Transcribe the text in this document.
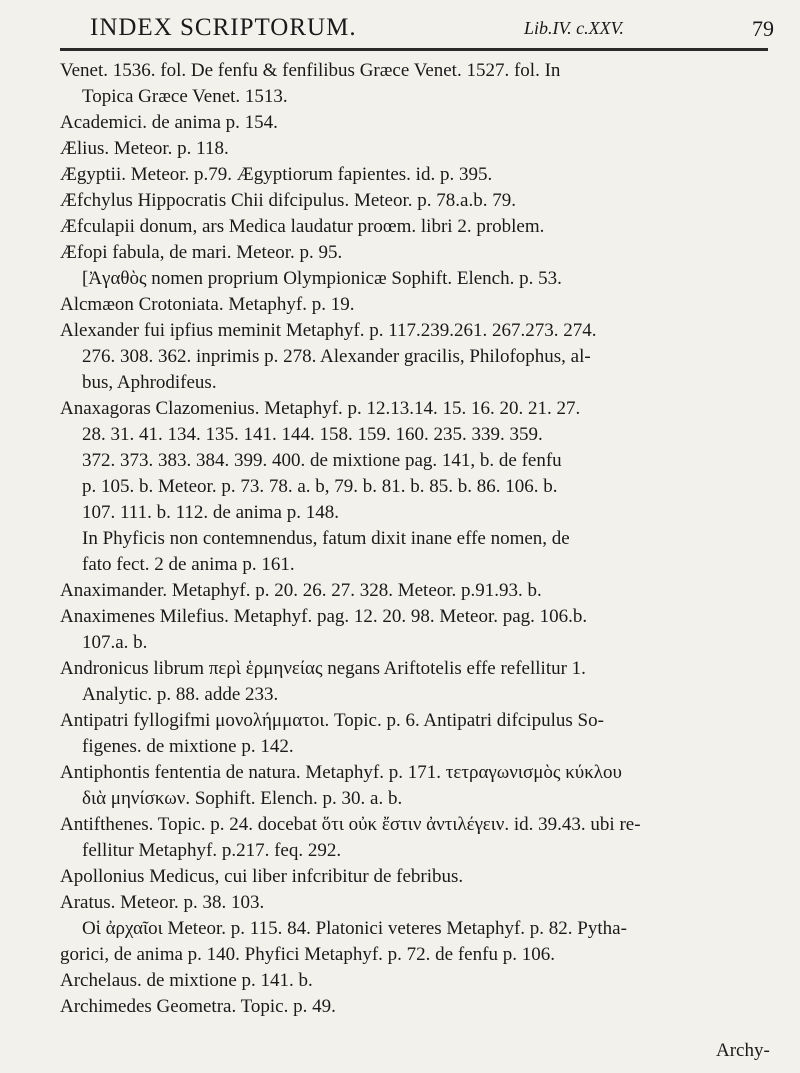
INDEX SCRIPTORUM.	Lib.IV. c.XXV.	79
Venet. 1536. fol. De fenfu & fenfilibus Græce Venet. 1527. fol. In
Topica Græce Venet. 1513.
Academici. de anima p. 154.
Ælius. Meteor. p. 118.
Ægyptii. Meteor. p.79. Ægyptiorum fapientes. id. p. 395.
Æfchylus Hippocratis Chii difcipulus. Meteor. p. 78.a.b. 79.
Æfculapii donum, ars Medica laudatur proœm. libri 2. problem.
Æfopi fabula, de mari. Meteor. p. 95.
[Ἀγαθὸς nomen proprium Olympionicæ Sophift. Elench. p. 53.
Alcmæon Crotoniata. Metaphyf. p. 19.
Alexander fui ipfius meminit Metaphyf. p. 117.239.261. 267.273. 274.
276. 308. 362. inprimis p. 278. Alexander gracilis, Philofophus, al-
bus, Aphrodifeus.
Anaxagoras Clazomenius. Metaphyf. p. 12.13.14. 15. 16. 20. 21. 27.
28. 31. 41. 134. 135. 141. 144. 158. 159. 160. 235. 339. 359.
372. 373. 383. 384. 399. 400. de mixtione pag. 141, b. de fenfu
p. 105. b. Meteor. p. 73. 78. a. b, 79. b. 81. b. 85. b. 86. 106. b.
107. 111. b. 112. de anima p. 148.
In Phyficis non contemnendus, fatum dixit inane effe nomen, de
fato fect. 2 de anima p. 161.
Anaximander. Metaphyf. p. 20. 26. 27. 328. Meteor. p.91.93. b.
Anaximenes Milefius. Metaphyf. pag. 12. 20. 98. Meteor. pag. 106.b.
107.a. b.
Andronicus librum περὶ ἑρμηνείας negans Ariftotelis effe refellitur 1.
Analytic. p. 88. adde 233.
Antipatri fyllogifmi μονολήμματοι. Topic. p. 6. Antipatri difcipulus So-
figenes. de mixtione p. 142.
Antiphontis fententia de natura. Metaphyf. p. 171. τετραγωνισμὸς κύκλου
διὰ μηνίσκων. Sophift. Elench. p. 30. a. b.
Antifthenes. Topic. p. 24. docebat ὅτι οὐκ ἔστιν ἀντιλέγειν. id. 39.43. ubi re-
fellitur Metaphyf. p.217. feq. 292.
Apollonius Medicus, cui liber infcribitur de febribus.
Aratus. Meteor. p. 38. 103.
Οἱ ἀρχαῖοι Meteor. p. 115. 84. Platonici veteres Metaphyf. p. 82. Pytha-
gorici, de anima p. 140. Phyfici Metaphyf. p. 72. de fenfu p. 106.
Archelaus. de mixtione p. 141. b.
Archimedes Geometra. Topic. p. 49.
Archy-
